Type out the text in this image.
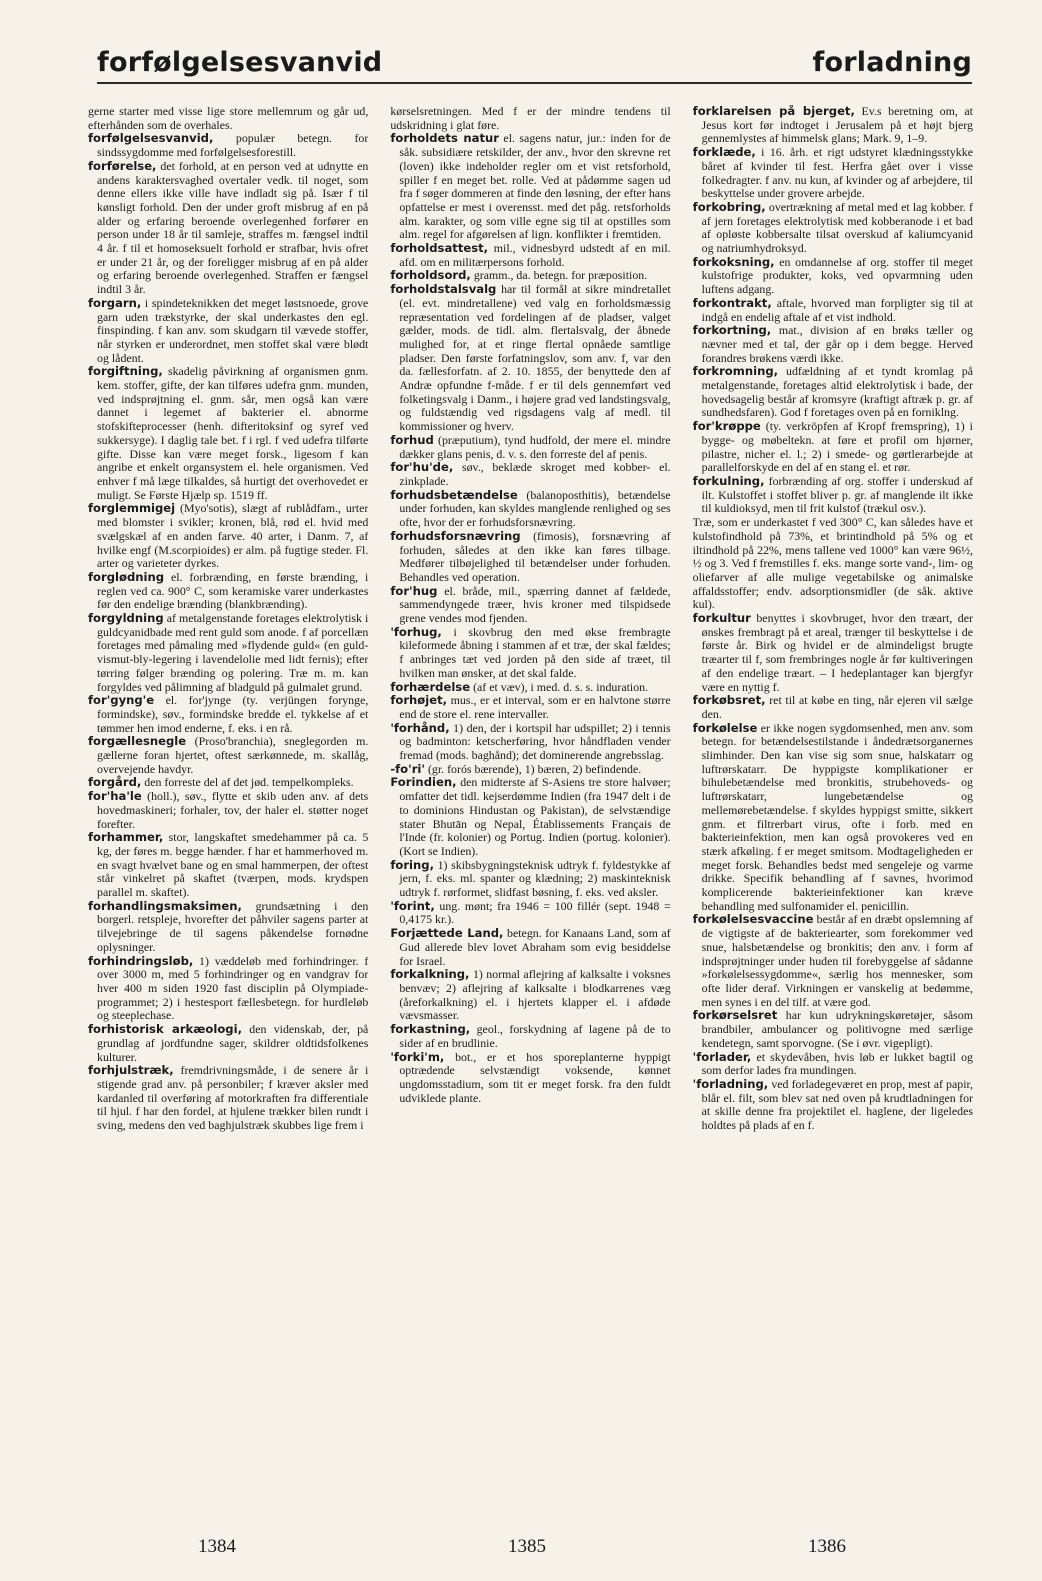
forfølgelsesvanvid	forladning
gerne starter med visse lige store mellemrum og går ud, efterhånden som de overhales.
forfølgelsesvanvid, populær betegn. for sindssygdomme med forfølgelsesforestill.
forførelse, det forhold, at en person ved at udnytte en andens karaktersvaghed overtaler vedk. til noget, som denne ellers ikke ville have indladt sig på. Især f til kønsligt forhold. Den der under groft misbrug af en på alder og erfaring beroende overlegenhed forfører en person under 18 år til samleje, straffes m. fængsel indtil 4 år. f til et homoseksuelt forhold er strafbar, hvis ofret er under 21 år, og der foreligger misbrug af en på alder og erfaring beroende overlegenhed. Straffen er fængsel indtil 3 år.
forgarn, i spindeteknikken det meget løstsnoede, grove garn uden trækstyrke, der skal underkastes den egl. finspinding. f kan anv. som skudgarn til vævede stoffer, når styrken er underordnet, men stoffet skal være blødt og lådent.
forgiftning, skadelig påvirkning af organismen gnm. kem. stoffer, gifte, der kan tilføres udefra gnm. munden, ved indsprøjtning el. gnm. sår, men også kan være dannet i legemet af bakterier el. abnorme stofskifteprocesser (henh. difteritoksinf og syref ved sukkersyge). I daglig tale bet. f i rgl. f ved udefra tilførte gifte. Disse kan være meget forsk., ligesom f kan angribe et enkelt organsystem el. hele organismen. Ved enhver f må læge tilkaldes, så hurtigt det overhovedet er muligt. Se Første Hjælp sp. 1519 ff.
forglemmigej (Myo'sotis), slægt af rublådfam., urter med blomster i svikler; kronen, blå, rød el. hvid med svælgskæl af en anden farve. 40 arter, i Danm. 7, af hvilke engf (M.scorpioides) er alm. på fugtige steder. Fl. arter og varieteter dyrkes.
forglødning el. forbrænding, en første brænding, i reglen ved ca. 900° C, som keramiske varer underkastes før den endelige brænding (blankbrænding).
forgyldning af metalgenstande foretages elektrolytisk i guldcyanidbade med rent guld som anode. f af porcellæn foretages med påmaling med »flydende guld« (en guld-vismut-bly-legering i lavendelolie med lidt fernis); efter tørring følger brænding og polering. Træ m. m. kan forgyldes ved pålimning af bladguld på gulmalet grund.
for'gyng'e el. for'jynge (ty. verjüngen forynge, formindske), søv., formindske bredde el. tykkelse af et tømmer hen imod enderne, f. eks. i en rå.
forgællesnegle (Proso'branchia), sneglegorden m. gællerne foran hjertet, oftest særkønnede, m. skallåg, overvejende havdyr.
forgård, den forreste del af det jød. tempelkompleks.
for'ha'le (holl.), søv., flytte et skib uden anv. af dets hovedmaskineri; forhaler, tov, der haler el. støtter noget forefter.
forhammer, stor, langskaftet smedehammer på ca. 5 kg, der føres m. begge hænder. f har et hammerhoved m. en svagt hvælvet bane og en smal hammerpen, der oftest står vinkelret på skaftet (tværpen, mods. krydspen parallel m. skaftet).
forhandlingsmaksimen, grundsætning i den borgerl. retspleje, hvorefter det påhviler sagens parter at tilvejebringe de til sagens påkendelse fornødne oplysninger.
forhindringsløb, 1) væddeløb med forhindringer. f over 3000 m, med 5 forhindringer og en vandgrav for hver 400 m siden 1920 fast disciplin på Olympiade-programmet; 2) i hestesport fællesbetegn. for hurdleløb og steeplechase.
forhistorisk arkæologi, den videnskab, der, på grundlag af jordfundne sager, skildrer oldtidsfolkenes kulturer.
forhjulstræk, fremdrivningsmåde, i de senere år i stigende grad anv. på personbiler; f kræver aksler med kardanled til overføring af motorkraften fra differentiale til hjul. f har den fordel, at hjulene trækker bilen rundt i sving, medens den ved baghjulstræk skubbes lige frem i
kørselsretningen. Med f er der mindre tendens til udskridning i glat føre.
forholdets natur el. sagens natur, jur.: inden for de såk. subsidiære retskilder, der anv., hvor den skrevne ret (loven) ikke indeholder regler om et vist retsforhold, spiller f en meget bet. rolle. Ved at pådømme sagen ud fra f søger dommeren at finde den løsning, der efter hans opfattelse er mest i overensst. med det påg. retsforholds alm. karakter, og som ville egne sig til at opstilles som alm. regel for afgørelsen af lign. konflikter i fremtiden.
forholdsattest, mil., vidnesbyrd udstedt af en mil. afd. om en militærpersons forhold.
forholdsord, gramm., da. betegn. for præposition.
forholdstalsvalg har til formål at sikre mindretallet (el. evt. mindretallene) ved valg en forholdsmæssig repræsentation ved fordelingen af de pladser, valget gælder, mods. de tidl. alm. flertalsvalg, der åbnede mulighed for, at et ringe flertal opnåede samtlige pladser. Den første forfatningslov, som anv. f, var den da. fællesforfatn. af 2. 10. 1855, der benyttede den af Andræ opfundne f-måde. f er til dels gennemført ved folketingsvalg i Danm., i højere grad ved landstingsvalg, og fuldstændig ved rigsdagens valg af medl. til kommissioner og hverv.
forhud (præputium), tynd hudfold, der mere el. mindre dækker glans penis, d. v. s. den forreste del af penis.
for'hu'de, søv., beklæde skroget med kobber- el. zinkplade.
forhudsbetændelse (balanoposthitis), betændelse under forhuden, kan skyldes manglende renlighed og ses ofte, hvor der er forhudsforsnævring.
forhudsforsnævring (fimosis), forsnævring af forhuden, således at den ikke kan føres tilbage. Medfører tilbøjelighed til betændelser under forhuden. Behandles ved operation.
for'hug el. bråde, mil., spærring dannet af fældede, sammendyngede træer, hvis kroner med tilspidsede grene vendes mod fjenden.
'forhug, i skovbrug den med økse frembragte kileformede åbning i stammen af et træ, der skal fældes; f anbringes tæt ved jorden på den side af træet, til hvilken man ønsker, at det skal falde.
forhærdelse (af et væv), i med. d. s. s. induration.
forhøjet, mus., er et interval, som er en halvtone større end de store el. rene intervaller.
'forhånd, 1) den, der i kortspil har udspillet; 2) i tennis og badminton: ketscherføring, hvor håndfladen vender fremad (mods. baghånd); det dominerende angrebsslag.
-fo'ri' (gr. forós bærende), 1) bæren, 2) befindende.
Forindien, den midterste af S-Asiens tre store halvøer; omfatter det tidl. kejserdømme Indien (fra 1947 delt i de to dominions Hindustan og Pakistan), de selvstændige stater Bhutān og Nepal, Établissements Français de l'Inde (fr. kolonier) og Portug. Indien (portug. kolonier). (Kort se Indien).
foring, 1) skibsbygningsteknisk udtryk f. fyldestykke af jern, f. eks. ml. spanter og klædning; 2) maskinteknisk udtryk f. rørformet, slidfast bøsning, f. eks. ved aksler.
'forint, ung. mønt; fra 1946 = 100 fillér (sept. 1948 = 0,4175 kr.).
Forjættede Land, betegn. for Kanaans Land, som af Gud allerede blev lovet Abraham som evig besiddelse for Israel.
forkalkning, 1) normal aflejring af kalksalte i voksnes benvæv; 2) aflejring af kalksalte i blodkarrenes væg (åreforkalkning) el. i hjertets klapper el. i afdøde vævsmasser.
forkastning, geol., forskydning af lagene på de to sider af en brudlinie.
'forki'm, bot., er et hos sporeplanterne hyppigt optrædende selvstændigt voksende, kønnet ungdomsstadium, som tit er meget forsk. fra den fuldt udviklede plante.
forklarelsen på bjerget, Ev.s beretning om, at Jesus kort før indtoget i Jerusalem på et højt bjerg gennemlystes af himmelsk glans; Mark. 9, 1–9.
forklæde, i 16. årh. et rigt udstyret klædningsstykke båret af kvinder til fest. Herfra gået over i visse folkedragter. f anv. nu kun, af kvinder og af arbejdere, til beskyttelse under grovere arbejde.
forkobring, overtrækning af metal med et lag kobber. f af jern foretages elektrolytisk med kobberanode i et bad af opløste kobbersalte tilsat overskud af kaliumcyanid og natriumhydroksyd.
forkoksning, en omdannelse af org. stoffer til meget kulstofrige produkter, koks, ved opvarmning uden luftens adgang.
forkontrakt, aftale, hvorved man forpligter sig til at indgå en endelig aftale af et vist indhold.
forkortning, mat., division af en brøks tæller og nævner med et tal, der går op i dem begge. Herved forandres brøkens værdi ikke.
forkromning, udfældning af et tyndt kromlag på metalgenstande, foretages altid elektrolytisk i bade, der hovedsagelig består af kromsyre (kraftigt aftræk p. gr. af sundhedsfaren). God f foretages oven på en forniklng.
for'krøppe (ty. verkröpfen af Kropf fremspring), 1) i bygge- og møbeltekn. at føre et profil om hjørner, pilastre, nicher el. l.; 2) i smede- og gørtlerarbejde at parallelforskyde en del af en stang el. et rør.
forkulning, forbrænding af org. stoffer i underskud af ilt. Kulstoffet i stoffet bliver p. gr. af manglende ilt ikke til kuldioksyd, men til frit kulstof (trækul osv.).
Træ, som er underkastet f ved 300° C, kan således have et kulstofindhold på 73%, et brintindhold på 5% og et iltindhold på 22%, mens tallene ved 1000° kan være 96½, ½ og 3. Ved f fremstilles f. eks. mange sorte vand-, lim- og oliefarver af alle mulige vegetabilske og animalske affaldsstoffer; endv. adsorptionsmidler (de såk. aktive kul).
forkultur benyttes i skovbruget, hvor den træart, der ønskes frembragt på et areal, trænger til beskyttelse i de første år. Birk og hvidel er de almindeligst brugte træarter til f, som frembringes nogle år før kultiveringen af den endelige træart. – I hedeplantager kan bjergfyr være en nyttig f.
forkøbsret, ret til at købe en ting, når ejeren vil sælge den.
forkølelse er ikke nogen sygdomsenhed, men anv. som betegn. for betændelsestilstande i åndedrætsorganernes slimhinder. Den kan vise sig som snue, halskatarr og luftrørskatarr. De hyppigste komplikationer er bihulebetændelse med bronkitis, strubehoveds- og luftrørskatarr, lungebetændelse og mellemørebetændelse. f skyldes hyppigst smitte, sikkert gnm. et filtrerbart virus, ofte i forb. med en bakterieinfektion, men kan også provokeres ved en stærk afkøling. f er meget smitsom. Modtageligheden er meget forsk. Behandles bedst med sengeleje og varme drikke. Specifik behandling af f savnes, hvorimod komplicerende bakterieinfektioner kan kræve behandling med sulfonamider el. penicillin.
forkølelsesvaccine består af en dræbt opslemning af de vigtigste af de bakteriearter, som forekommer ved snue, halsbetændelse og bronkitis; den anv. i form af indsprøjtninger under huden til forebyggelse af sådanne »forkølelsessygdomme«, særlig hos mennesker, som ofte lider deraf. Virkningen er vanskelig at bedømme, men synes i en del tilf. at være god.
forkørselsret har kun udrykningskøretøjer, såsom brandbiler, ambulancer og politivogne med særlige kendetegn, samt sporvogne. (Se i øvr. vigepligt).
'forlader, et skydevåben, hvis løb er lukket bagtil og som derfor lades fra mundingen.
'forladning, ved forladegeværet en prop, mest af papir, blår el. filt, som blev sat ned oven på krudtladningen for at skille denne fra projektilet el. haglene, der ligeledes holdtes på plads af en f.
1384	1385	1386
